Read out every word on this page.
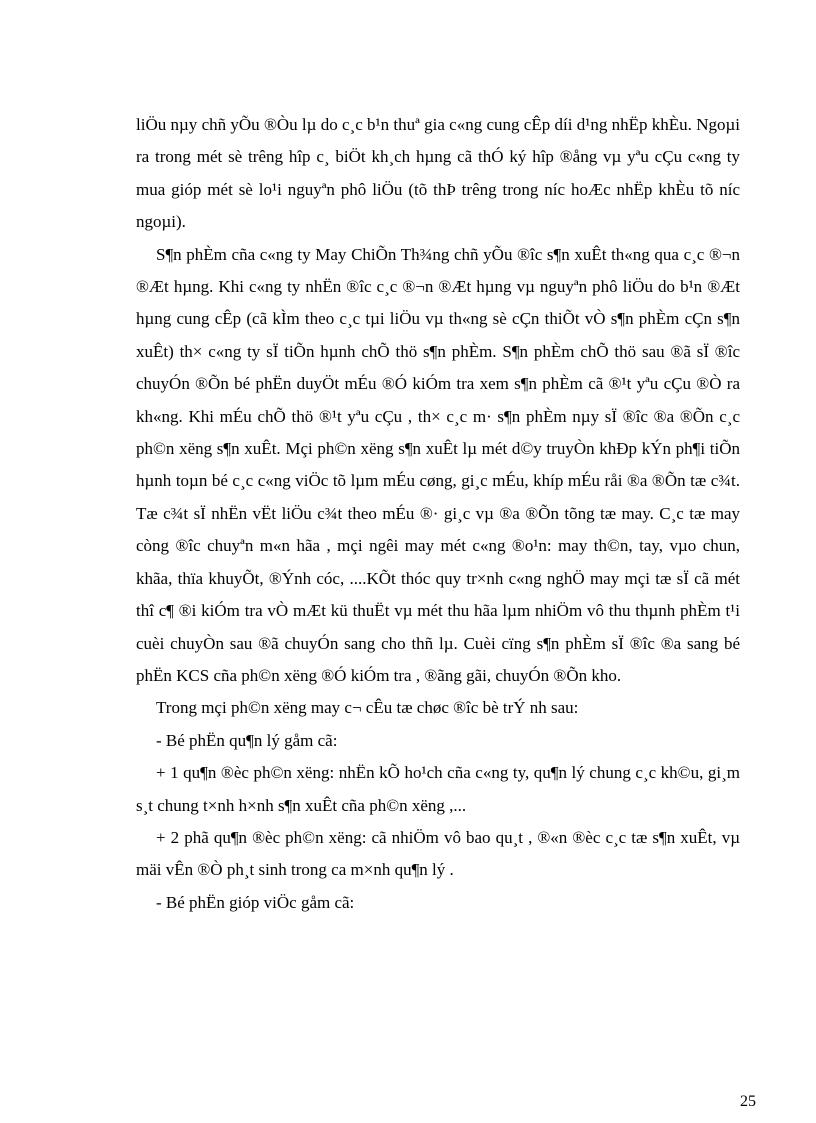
liÖu nµy chñ yÕu ®Òu lµ do c¸c b¹n thuª gia c«ng cung cÊp díi d¹ng nhËp khÈu. Ngoµi ra trong mét sè trêng hîp c¸ biÖt kh¸ch hµng cã thÓ ký hîp ®ång vµ yªu cÇu c«ng ty mua gióp mét sè lo¹i nguyªn phô liÖu (tõ thÞ trêng trong níc hoÆc nhËp khÈu tõ níc ngoµi).

S¶n phÈm cña c«ng ty May ChiÕn Th¾ng chñ yÕu ®îc s¶n xuÊt th«ng qua c¸c ®¬n ®Æt hµng. Khi c«ng ty nhËn ®îc c¸c ®¬n ®Æt hµng vµ nguyªn phô liÖu do b¹n ®Æt hµng cung cÊp (cã kÌm theo c¸c tµi liÖu vµ th«ng sè cÇn thiÕt vÒ s¶n phÈm cÇn s¶n xuÊt) th× c«ng ty sÏ tiÕn hµnh chÕ thö s¶n phÈm. S¶n phÈm chÕ thö sau ®ã sÏ ®îc chuyÓn ®Õn bé phËn duyÖt mÉu ®Ó kiÓm tra xem s¶n phÈm cã ®¹t yªu cÇu ®Ò ra kh«ng. Khi mÉu chÕ thö ®¹t yªu cÇu , th× c¸c m· s¶n phÈm nµy sÏ ®îc ®a ®Õn c¸c ph©n xëng s¶n xuÊt. Mçi ph©n xëng s¶n xuÊt lµ mét d©y truyÒn khÐp kÝn ph¶i tiÕn hµnh toµn bé c¸c c«ng viÖc tõ lµm mÉu cøng, gi¸c mÉu, khíp mÉu råi ®a ®Õn tæ c¾t. Tæ c¾t sÏ nhËn vËt liÖu c¾t theo mÉu ®· gi¸c vµ ®a ®Õn tõng tæ may. C¸c tæ may còng ®îc chuyªn m«n hãa , mçi ngêi may mét c«ng ®o¹n: may th©n, tay, vµo chun, khãa, thïa khuyÕt, ®Ýnh cóc, ....KÕt thóc quy tr×nh c«ng nghÖ may mçi tæ sÏ cã mét thî c¶ ®i kiÓm tra vÒ mÆt kü thuËt vµ mét thu hãa lµm nhiÖm vô thu thµnh phÈm t¹i cuèi chuyÒn sau ®ã chuyÓn sang cho thñ lµ. Cuèi cïng s¶n phÈm sÏ ®îc ®a sang bé phËn KCS cña ph©n xëng ®Ó kiÓm tra , ®ãng gãi, chuyÓn ®Õn kho.

Trong mçi ph©n xëng may c¬ cÊu tæ chøc ®îc bè trÝ nh sau:

- Bé phËn qu¶n lý gåm cã:

+ 1 qu¶n ®èc ph©n xëng: nhËn kÕ ho¹ch cña c«ng ty, qu¶n lý chung c¸c kh©u, gi¸m s¸t chung t×nh h×nh s¶n xuÊt cña ph©n xëng ,...

+ 2 phã qu¶n ®èc ph©n xëng: cã nhiÖm vô bao qu¸t , ®«n ®èc c¸c tæ s¶n xuÊt, vµ mäi vÊn ®Ò ph¸t sinh trong ca m×nh qu¶n lý .

- Bé phËn gióp viÖc gåm cã:

25
